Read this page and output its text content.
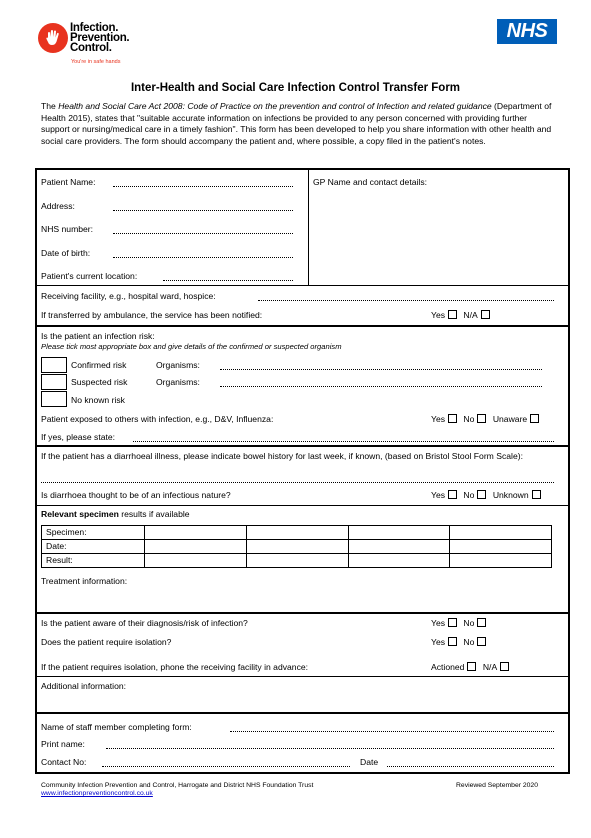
Infection.
Prevention.
Control.
You're in safe hands
NHS
Inter-Health and Social Care Infection Control Transfer Form
The Health and Social Care Act 2008: Code of Practice on the prevention and control of Infection and related guidance (Department of Health 2015), states that "suitable accurate information on infections be provided to any person concerned with providing further support or nursing/medical care in a timely fashion". This form has been developed to help you share information with other health and social care providers. The form should accompany the patient and, where possible, a copy filed in the patient's notes.
Patient Name:
Address:
NHS number:
Date of birth:
Patient's current location:
GP Name and contact details:
Receiving facility, e.g., hospital ward, hospice:
If transferred by ambulance, the service has been notified:	Yes N/A
Is the patient an infection risk:
Please tick most appropriate box and give details of the confirmed or suspected organism
Confirmed risk
Suspected risk
No known risk
Organisms:
Organisms:
Patient exposed to others with infection, e.g., D&V, Influenza:	Yes No Unaware
If yes, please state:
If the patient has a diarrhoeal illness, please indicate bowel history for last week, if known, (based on Bristol Stool Form Scale):
Is diarrhoea thought to be of an infectious nature?	Yes No Unknown
Relevant specimen results if available
Specimen:				
Date:				
Result:				
Treatment information:
Is the patient aware of their diagnosis/risk of infection?	Yes No
Does the patient require isolation?	Yes No
If the patient requires isolation, phone the receiving facility in advance:	Actioned N/A
Additional information:
Name of staff member completing form:
Print name:
Contact No:	Date
Community Infection Prevention and Control, Harrogate and District NHS Foundation Trust
www.infectionpreventioncontrol.co.uk
Reviewed September 2020
